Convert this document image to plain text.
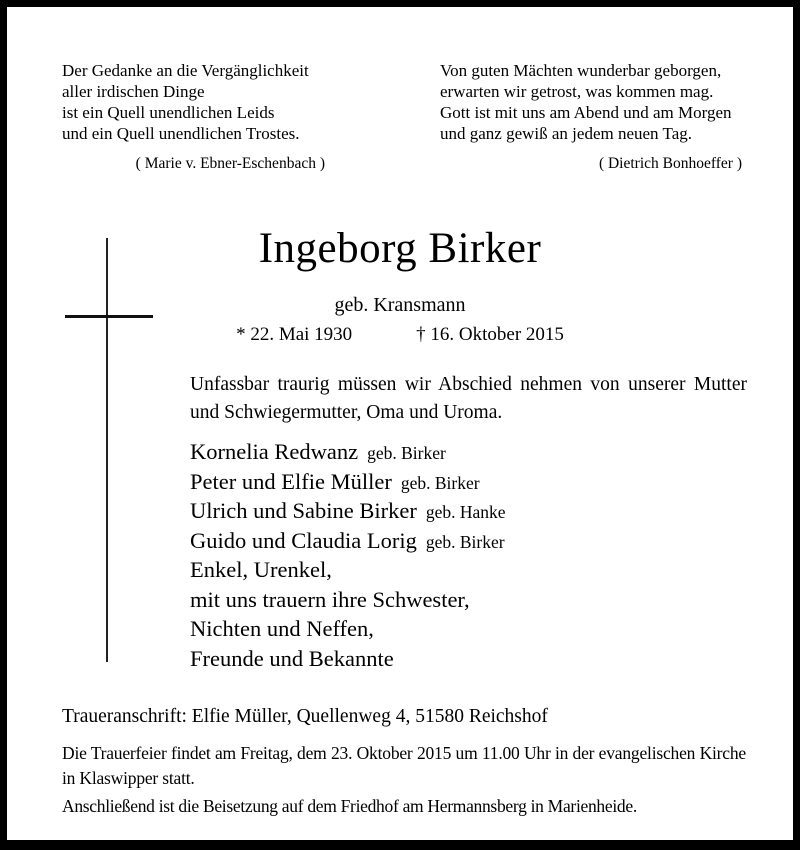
Der Gedanke an die Vergänglichkeit
aller irdischen Dinge
ist ein Quell unendlichen Leids
und ein Quell unendlichen Trostes.
( Marie v. Ebner-Eschenbach )
Von guten Mächten wunderbar geborgen,
erwarten wir getrost, was kommen mag.
Gott ist mit uns am Abend und am Morgen
und ganz gewiß an jedem neuen Tag.
( Dietrich Bonhoeffer )
Ingeborg Birker
geb. Kransmann
* 22. Mai 1930	† 16. Oktober 2015

Unfassbar traurig müssen wir Abschied nehmen von unserer Mutter und Schwiegermutter, Oma und Uroma.

Kornelia Redwanz geb. Birker
Peter und Elfie Müller geb. Birker
Ulrich und Sabine Birker geb. Hanke
Guido und Claudia Lorig geb. Birker
Enkel, Urenkel,
mit uns trauern ihre Schwester,
Nichten und Neffen,
Freunde und Bekannte
Traueranschrift: Elfie Müller, Quellenweg 4, 51580 Reichshof

Die Trauerfeier findet am Freitag, dem 23. Oktober 2015 um 11.00 Uhr in der evangelischen Kirche in Klaswipper statt.

Anschließend ist die Beisetzung auf dem Friedhof am Hermannsberg in Marienheide.
